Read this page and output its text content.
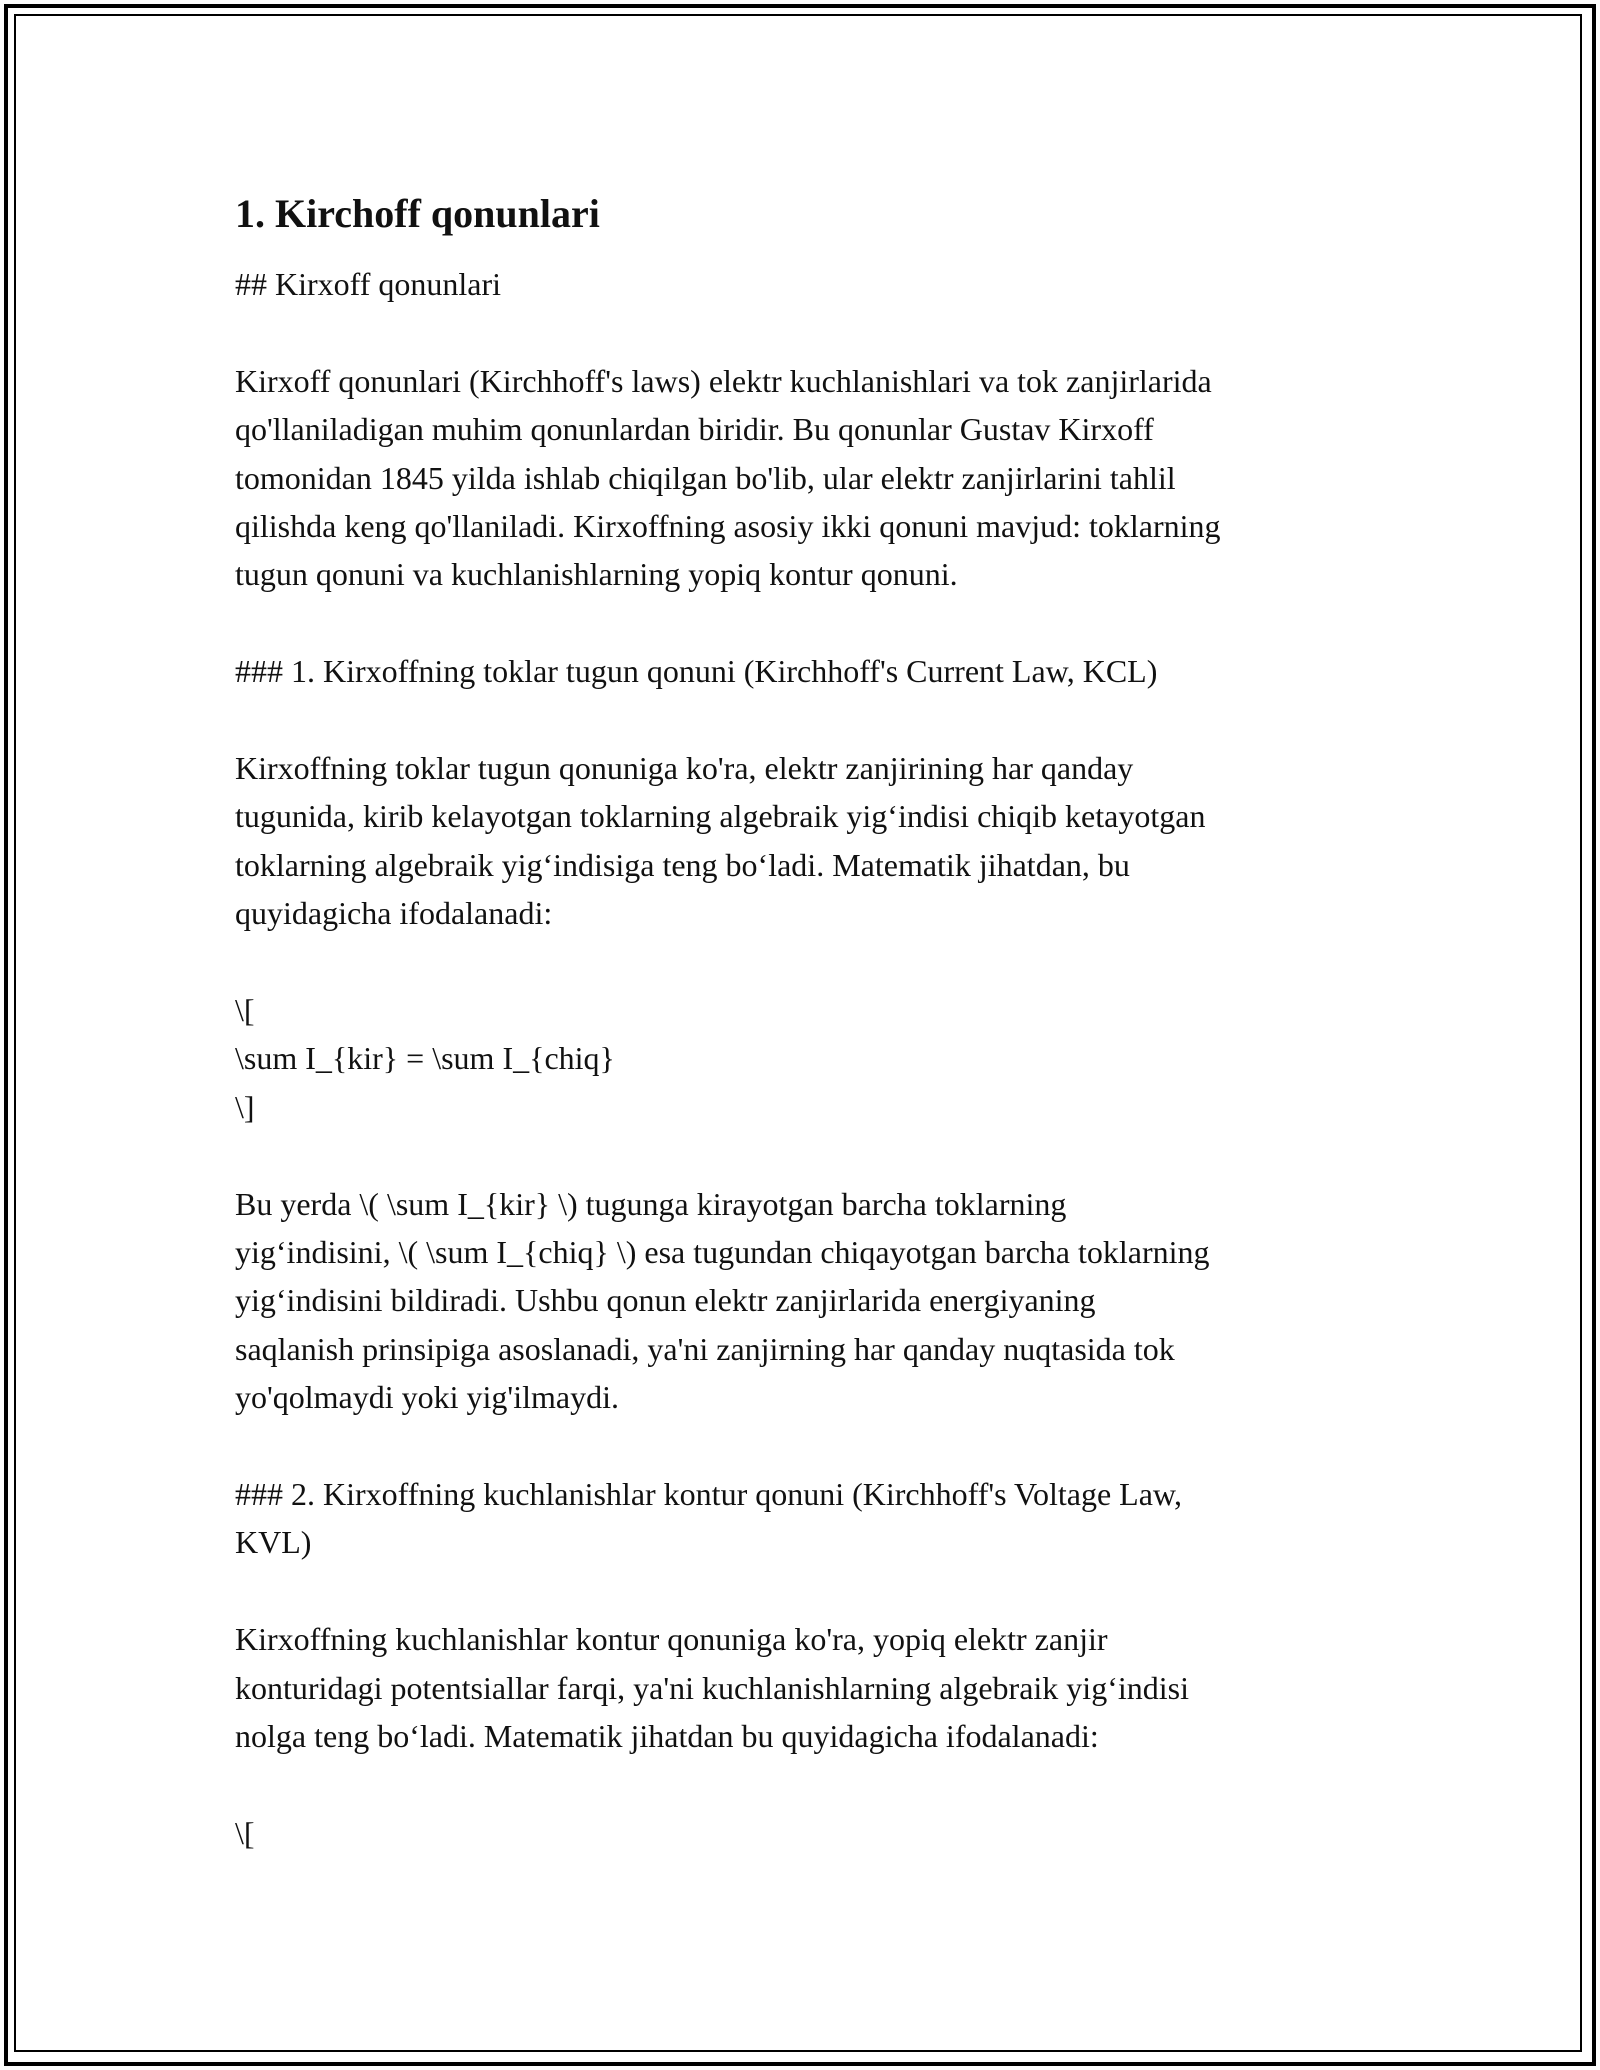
1. Kirchoff qonunlari

## Kirxoff qonunlari

Kirxoff qonunlari (Kirchhoff's laws) elektr kuchlanishlari va tok zanjirlarida
qo'llaniladigan muhim qonunlardan biridir. Bu qonunlar Gustav Kirxoff
tomonidan 1845 yilda ishlab chiqilgan bo'lib, ular elektr zanjirlarini tahlil
qilishda keng qo'llaniladi. Kirxoffning asosiy ikki qonuni mavjud: toklarning
tugun qonuni va kuchlanishlarning yopiq kontur qonuni.

### 1. Kirxoffning toklar tugun qonuni (Kirchhoff's Current Law, KCL)

Kirxoffning toklar tugun qonuniga ko'ra, elektr zanjirining har qanday
tugunida, kirib kelayotgan toklarning algebraik yig‘indisi chiqib ketayotgan
toklarning algebraik yig‘indisiga teng bo‘ladi. Matematik jihatdan, bu
quyidagicha ifodalanadi:

\[
\sum I_{kir} = \sum I_{chiq}
\]

Bu yerda \( \sum I_{kir} \) tugunga kirayotgan barcha toklarning
yig‘indisini, \( \sum I_{chiq} \) esa tugundan chiqayotgan barcha toklarning
yig‘indisini bildiradi. Ushbu qonun elektr zanjirlarida energiyaning
saqlanish prinsipiga asoslanadi, ya'ni zanjirning har qanday nuqtasida tok
yo'qolmaydi yoki yig'ilmaydi.

### 2. Kirxoffning kuchlanishlar kontur qonuni (Kirchhoff's Voltage Law,
KVL)

Kirxoffning kuchlanishlar kontur qonuniga ko'ra, yopiq elektr zanjir
konturidagi potentsiallar farqi, ya'ni kuchlanishlarning algebraik yig‘indisi
nolga teng bo‘ladi. Matematik jihatdan bu quyidagicha ifodalanadi:

\[
